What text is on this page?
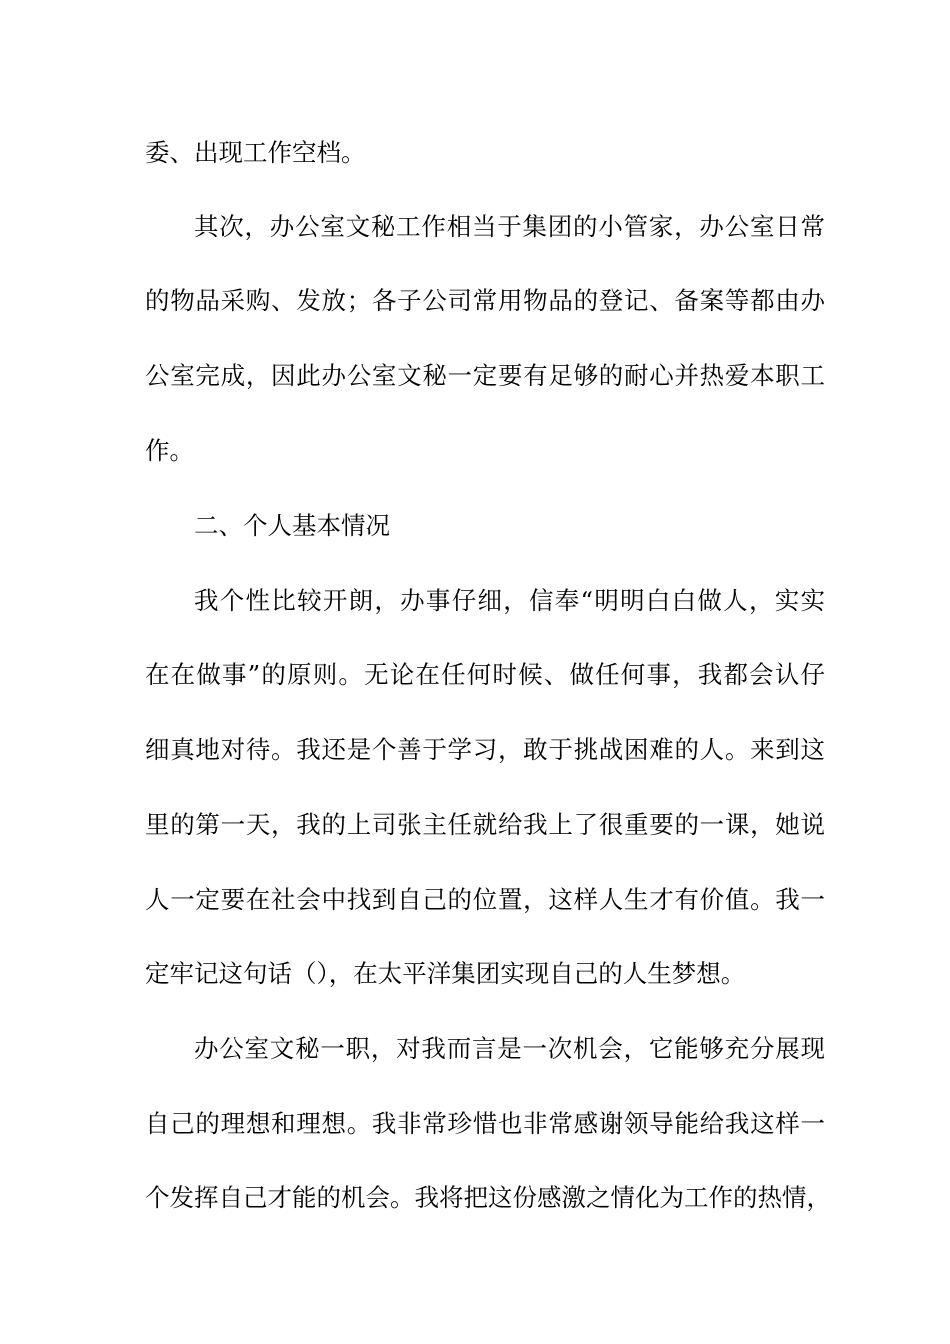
委、出现工作空档。
其次，办公室文秘工作相当于集团的小管家，办公室日常
的物品采购、发放；各子公司常用物品的登记、备案等都由办
公室完成，因此办公室文秘一定要有足够的耐心并热爱本职工
作。
二、个人基本情况
我个性比较开朗，办事仔细，信奉“明明白白做人，实实
在在做事”的原则。无论在任何时候、做任何事，我都会认仔
细真地对待。我还是个善于学习，敢于挑战困难的人。来到这
里的第一天，我的上司张主任就给我上了很重要的一课，她说
人一定要在社会中找到自己的位置，这样人生才有价值。我一
定牢记这句话（），在太平洋集团实现自己的人生梦想。
办公室文秘一职，对我而言是一次机会，它能够充分展现
自己的理想和理想。我非常珍惜也非常感谢领导能给我这样一
个发挥自己才能的机会。我将把这份感激之情化为工作的热情，
